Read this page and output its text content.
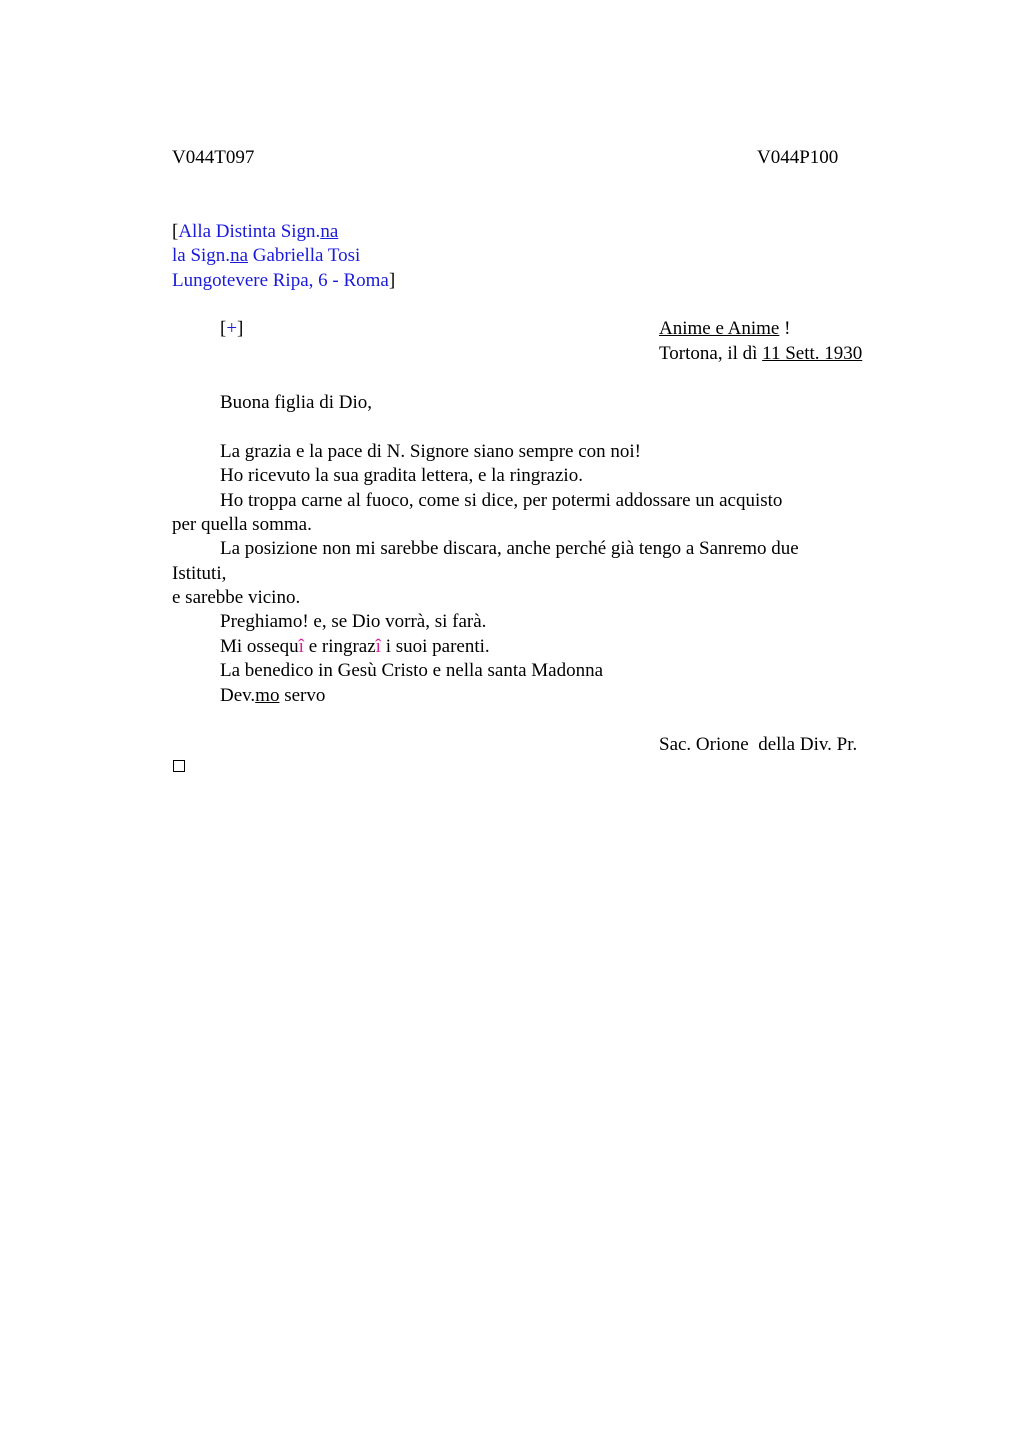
V044T097	V044P100
[Alla Distinta Sign.na
la Sign.na Gabriella Tosi
Lungotevere Ripa, 6 - Roma]
[+]	Anime e Anime !
Tortona, il dì 11 Sett. 1930
Buona figlia di Dio,
La grazia e la pace di N. Signore siano sempre con noi!
Ho ricevuto la sua gradita lettera, e la ringrazio.
Ho troppa carne al fuoco, come si dice, per potermi addossare un acquisto
per quella somma.
La posizione non mi sarebbe discara, anche perché già tengo a Sanremo due
Istituti,
e sarebbe vicino.
Preghiamo! e, se Dio vorrà, si farà.
Mi ossequî e ringrazî i suoi parenti.
La benedico in Gesù Cristo e nella santa Madonna
Dev.mo servo
Sac. Orione  della Div. Pr.
